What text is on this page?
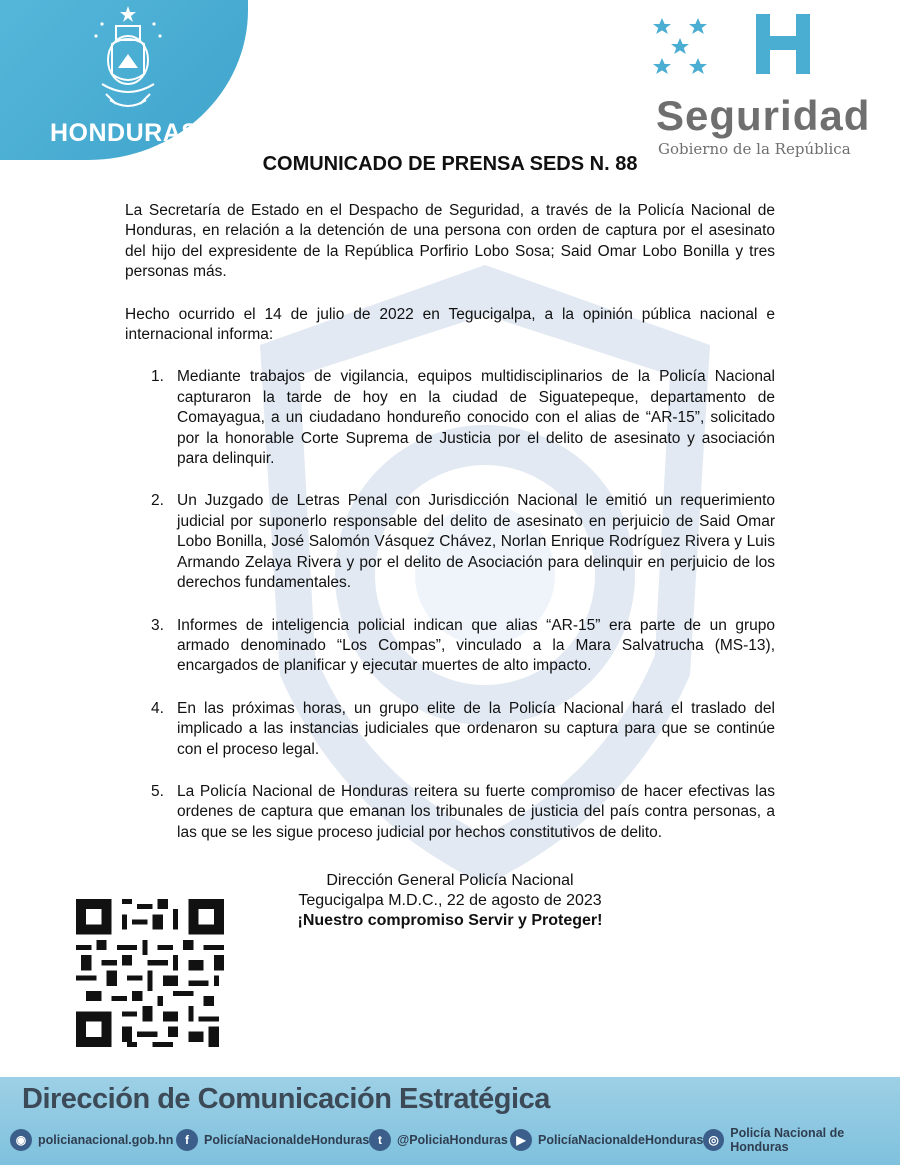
HONDURAS	Seguridad
Gobierno de la República
COMUNICADO DE PRENSA SEDS N. 88

La Secretaría de Estado en el Despacho de Seguridad, a través de la Policía Nacional de Honduras, en relación a la detención de una persona con orden de captura por el asesinato del hijo del expresidente de la República Porfirio Lobo Sosa; Said Omar Lobo Bonilla y tres personas más.

Hecho ocurrido el 14 de julio de 2022 en Tegucigalpa, a la opinión pública nacional e internacional informa:

1. Mediante trabajos de vigilancia, equipos multidisciplinarios de la Policía Nacional capturaron la tarde de hoy en la ciudad de Siguatepeque, departamento de Comayagua, a un ciudadano hondureño conocido con el alias de “AR-15”, solicitado por la honorable Corte Suprema de Justicia por el delito de asesinato y asociación para delinquir.
2. Un Juzgado de Letras Penal con Jurisdicción Nacional le emitió un requerimiento judicial por suponerlo responsable del delito de asesinato en perjuicio de Said Omar Lobo Bonilla, José Salomón Vásquez Chávez, Norlan Enrique Rodríguez Rivera y Luis Armando Zelaya Rivera y por el delito de Asociación para delinquir en perjuicio de los derechos fundamentales.
3. Informes de inteligencia policial indican que alias “AR-15” era parte de un grupo armado denominado “Los Compas”, vinculado a la Mara Salvatrucha (MS-13), encargados de planificar y ejecutar muertes de alto impacto.
4. En las próximas horas, un grupo elite de la Policía Nacional hará el traslado del implicado a las instancias judiciales que ordenaron su captura para que se continúe con el proceso legal.
5. La Policía Nacional de Honduras reitera su fuerte compromiso de hacer efectivas las ordenes de captura que emanan los tribunales de justicia del país contra personas, a las que se les sigue proceso judicial por hechos constitutivos de delito.
Dirección General Policía Nacional
Tegucigalpa M.D.C., 22 de agosto de 2023
¡Nuestro compromiso Servir y Proteger!
Dirección de Comunicación Estratégica
◉ policianacional.gob.hn f	PolicíaNacionaldeHonduras t	@PoliciaHonduras ▶ PolicíaNacionaldeHonduras ◎ Policía Nacional de Honduras
